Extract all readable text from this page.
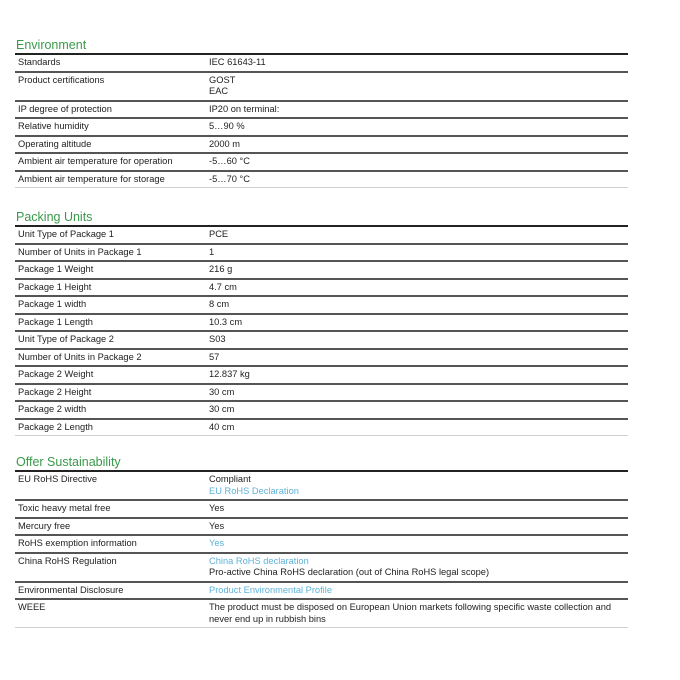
Environment
Standards	IEC 61643-11

Product certifications	GOST
EAC

IP degree of protection	IP20 on terminal:

Relative humidity	5…90 %

Operating altitude	2000 m

Ambient air temperature for operation	-5…60 °C

Ambient air temperature for storage	-5…70 °C
Packing Units
Unit Type of Package 1	PCE

Number of Units in Package 1	1

Package 1 Weight	216 g

Package 1 Height	4.7 cm

Package 1 width	8 cm

Package 1 Length	10.3 cm

Unit Type of Package 2	S03

Number of Units in Package 2	57

Package 2 Weight	12.837 kg

Package 2 Height	30 cm

Package 2 width	30 cm

Package 2 Length	40 cm
Offer Sustainability
EU RoHS Directive	Compliant
EU RoHS Declaration

Toxic heavy metal free	Yes

Mercury free	Yes

RoHS exemption information	Yes

China RoHS Regulation	China RoHS declaration
Pro-active China RoHS declaration (out of China RoHS legal scope)

Environmental Disclosure	Product Environmental Profile

WEEE	The product must be disposed on European Union markets following specific waste collection and never end up in rubbish bins
